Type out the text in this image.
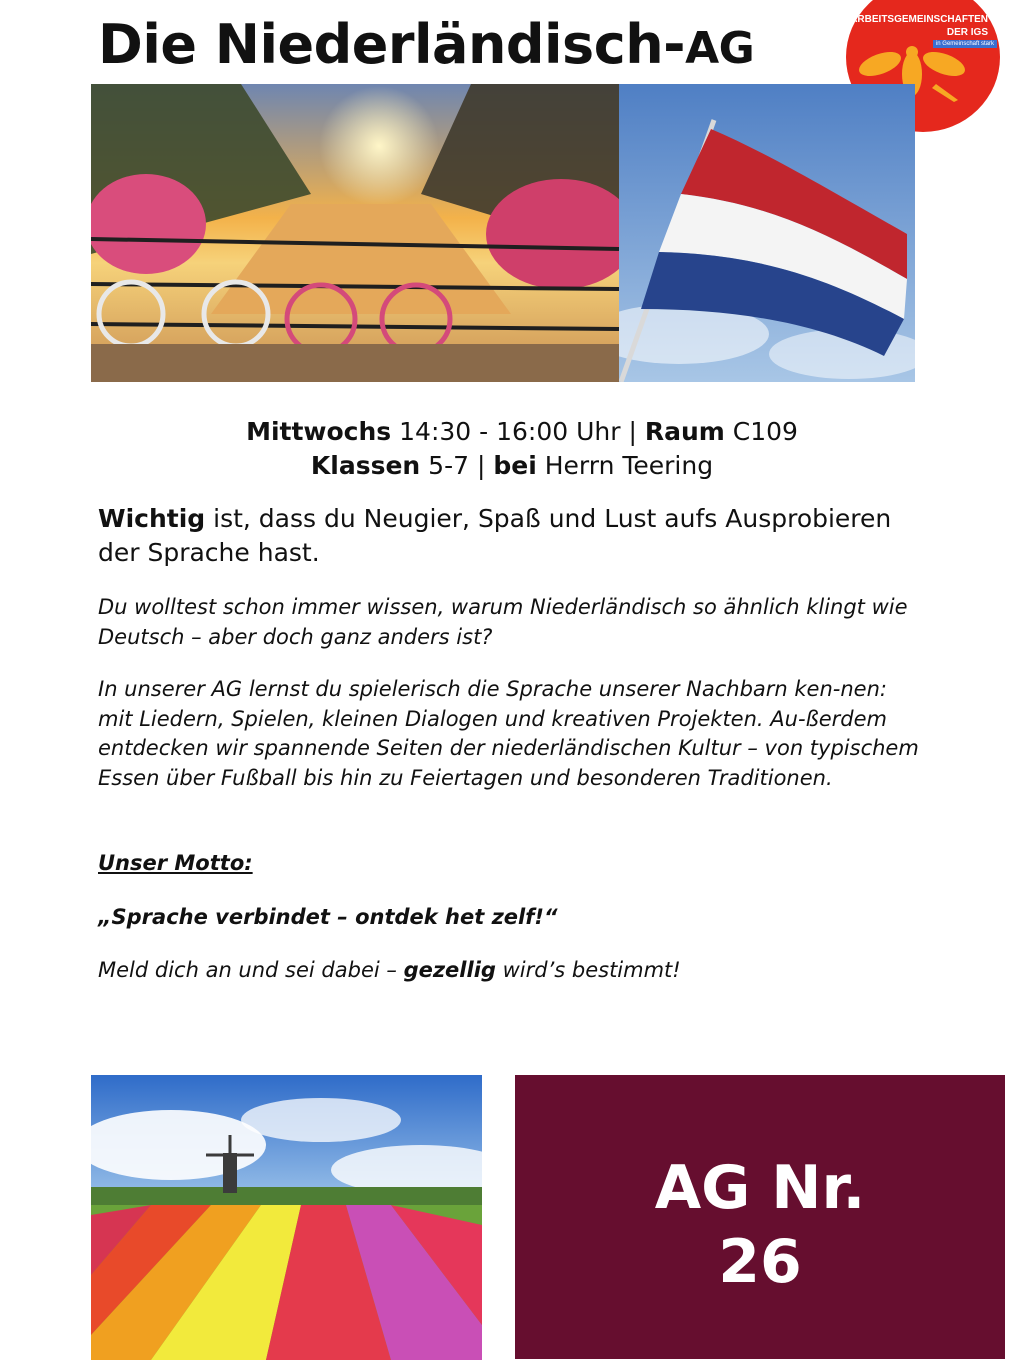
Die Niederländisch-AG
ARBEITSGEMEINSCHAFTEN
DER IGS
in Gemeinschaft stark
Mittwochs 14:30 - 16:00 Uhr | Raum C109
Klassen 5-7 | bei Herrn Teering

Wichtig ist, dass du Neugier, Spaß und Lust aufs Ausprobieren der Sprache hast.

Du wolltest schon immer wissen, warum Niederländisch so ähnlich klingt wie Deutsch – aber doch ganz anders ist?

In unserer AG lernst du spielerisch die Sprache unserer Nachbarn ken-nen: mit Liedern, Spielen, kleinen Dialogen und kreativen Projekten. Au-ßerdem entdecken wir spannende Seiten der niederländischen Kultur – von typischem Essen über Fußball bis hin zu Feiertagen und besonderen Traditionen.

Unser Motto:

„Sprache verbindet – ontdek het zelf!“

Meld dich an und sei dabei – gezellig wird’s bestimmt!

AG Nr.
26
